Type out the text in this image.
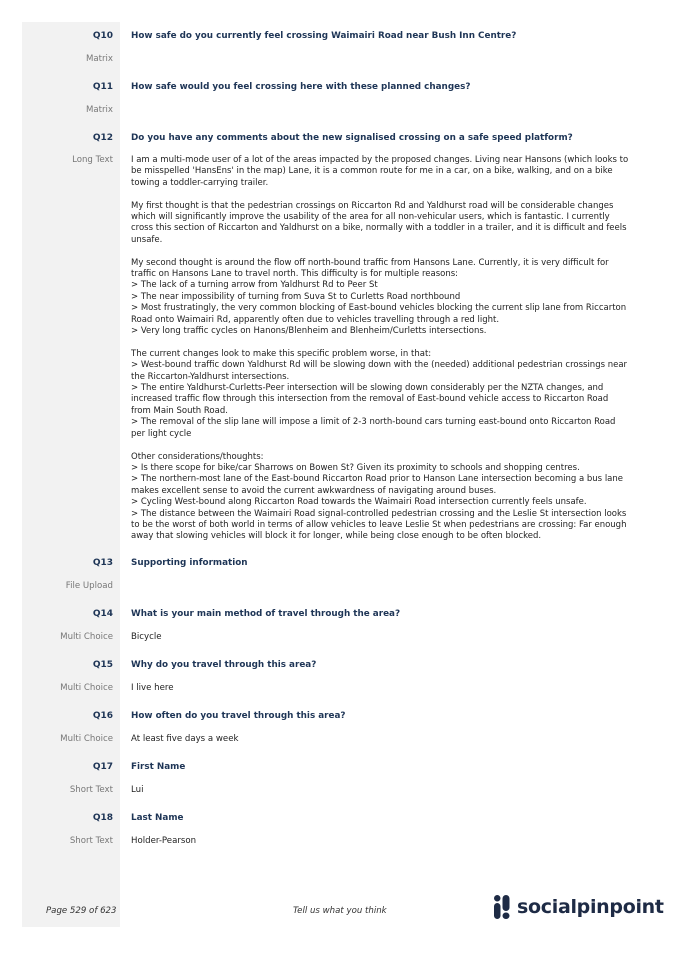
Q10 How safe do you currently feel crossing Waimairi Road near Bush Inn Centre?
Matrix
Q11 How safe would you feel crossing here with these planned changes?
Matrix
Q12 Do you have any comments about the new signalised crossing on a safe speed platform?
Long Text I am a multi-mode user of a lot of the areas impacted by the proposed changes. Living near Hansons (which looks to
be misspelled 'HansEns' in the map) Lane, it is a common route for me in a car, on a bike, walking, and on a bike
towing a toddler-carrying trailer.
My first thought is that the pedestrian crossings on Riccarton Rd and Yaldhurst road will be considerable changes
which will significantly improve the usability of the area for all non-vehicular users, which is fantastic. I currently
cross this section of Riccarton and Yaldhurst on a bike, normally with a toddler in a trailer, and it is difficult and feels
unsafe.
My second thought is around the flow off north-bound traffic from Hansons Lane. Currently, it is very difficult for
traffic on Hansons Lane to travel north. This difficulty is for multiple reasons:
> The lack of a turning arrow from Yaldhurst Rd to Peer St
> The near impossibility of turning from Suva St to Curletts Road northbound
> Most frustratingly, the very common blocking of East-bound vehicles blocking the current slip lane from Riccarton
Road onto Waimairi Rd, apparently often due to vehicles travelling through a red light.
> Very long traffic cycles on Hanons/Blenheim and Blenheim/Curletts intersections.
The current changes look to make this specific problem worse, in that:
> West-bound traffic down Yaldhurst Rd will be slowing down with the (needed) additional pedestrian crossings near
the Riccarton-Yaldhurst intersections.
> The entire Yaldhurst-Curletts-Peer intersection will be slowing down considerably per the NZTA changes, and
increased traffic flow through this intersection from the removal of East-bound vehicle access to Riccarton Road
from Main South Road.
> The removal of the slip lane will impose a limit of 2-3 north-bound cars turning east-bound onto Riccarton Road
per light cycle
Other considerations/thoughts:
> Is there scope for bike/car Sharrows on Bowen St? Given its proximity to schools and shopping centres.
> The northern-most lane of the East-bound Riccarton Road prior to Hanson Lane intersection becoming a bus lane
makes excellent sense to avoid the current awkwardness of navigating around buses.
> Cycling West-bound along Riccarton Road towards the Waimairi Road intersection currently feels unsafe.
> The distance between the Waimairi Road signal-controlled pedestrian crossing and the Leslie St intersection looks
to be the worst of both world in terms of allow vehicles to leave Leslie St when pedestrians are crossing: Far enough
away that slowing vehicles will block it for longer, while being close enough to be often blocked.
Q13 Supporting information
File Upload
Q14 What is your main method of travel through the area?
Multi Choice Bicycle
Q15 Why do you travel through this area?
Multi Choice I live here
Q16 How often do you travel through this area?
Multi Choice At least five days a week
Q17 First Name
Short Text Lui
Q18 Last Name
Short Text Holder-Pearson
Page 529 of 623	Tell us what you think	socialpinpoint
